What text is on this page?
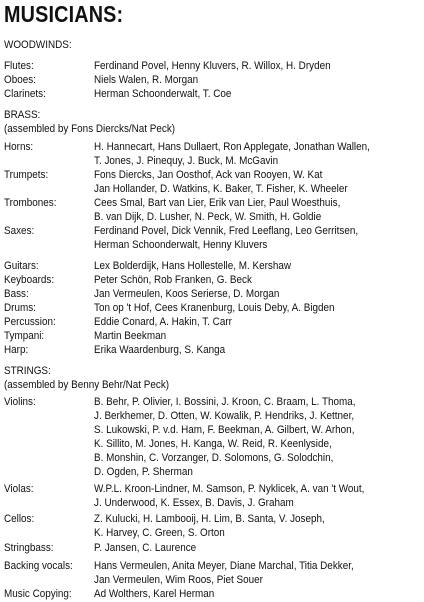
MUSICIANS:
WOODWINDS:
Flutes:	Ferdinand Povel, Henny Kluvers, R. Willox, H. Dryden
Oboes:	Niels Walen, R. Morgan
Clarinets:	Herman Schoonderwalt, T. Coe
BRASS:
(assembled by Fons Diercks/Nat Peck)
Horns:	H. Hannecart, Hans Dullaert, Ron Applegate, Jonathan Wallen,
T. Jones, J. Pinequy, J. Buck, M. McGavin
Trumpets:	Fons Diercks, Jan Oosthof, Ack van Rooyen, W. Kat
Jan Hollander, D. Watkins, K. Baker, T. Fisher, K. Wheeler
Trombones:	Cees Smal, Bart van Lier, Erik van Lier, Paul Woesthuis,
B. van Dijk, D. Lusher, N. Peck, W. Smith, H. Goldie
Saxes:	Ferdinand Povel, Dick Vennik, Fred Leeflang, Leo Gerritsen,
Herman Schoonderwalt, Henny Kluvers
Guitars:	Lex Bolderdijk, Hans Hollestelle, M. Kershaw
Keyboards:	Peter Schön, Rob Franken, G. Beck
Bass:	Jan Vermeulen, Koos Serierse, D. Morgan
Drums:	Ton op 't Hof, Cees Kranenburg, Louis Deby, A. Bigden
Percussion:	Eddie Conard, A. Hakin, T. Carr
Tympani:	Martin Beekman
Harp:	Erika Waardenburg, S. Kanga
STRINGS:
(assembled by Benny Behr/Nat Peck)
Violins:	B. Behr, P. Olivier, I. Bossini, J. Kroon, C. Braam, L. Thoma,
J. Berkhemer, D. Otten, W. Kowalik, P. Hendriks, J. Kettner,
S. Lukowski, P. v.d. Ham, F. Beekman, A. Gilbert, W. Arhon,
K. Sillito, M. Jones, H. Kanga, W. Reid, R. Keenlyside,
B. Monshin, C. Vorzanger, D. Solomons, G. Solodchin,
D. Ogden, P. Sherman
Violas:	W.P.L. Kroon-Lindner, M. Samson, P. Nyklicek, A. van 't Wout,
J. Underwood, K. Essex, B. Davis, J. Graham
Cellos:	Z. Kulucki, H. Lambooij, H. Lim, B. Santa, V. Joseph,
K. Harvey, C. Green, S. Orton
Stringbass:	P. Jansen, C. Laurence
Backing vocals: Hans Vermeulen, Anita Meyer, Diane Marchal, Titia Dekker,
Jan Vermeulen, Wim Roos, Piet Souer
Music Copying: Ad Wolthers, Karel Herman
